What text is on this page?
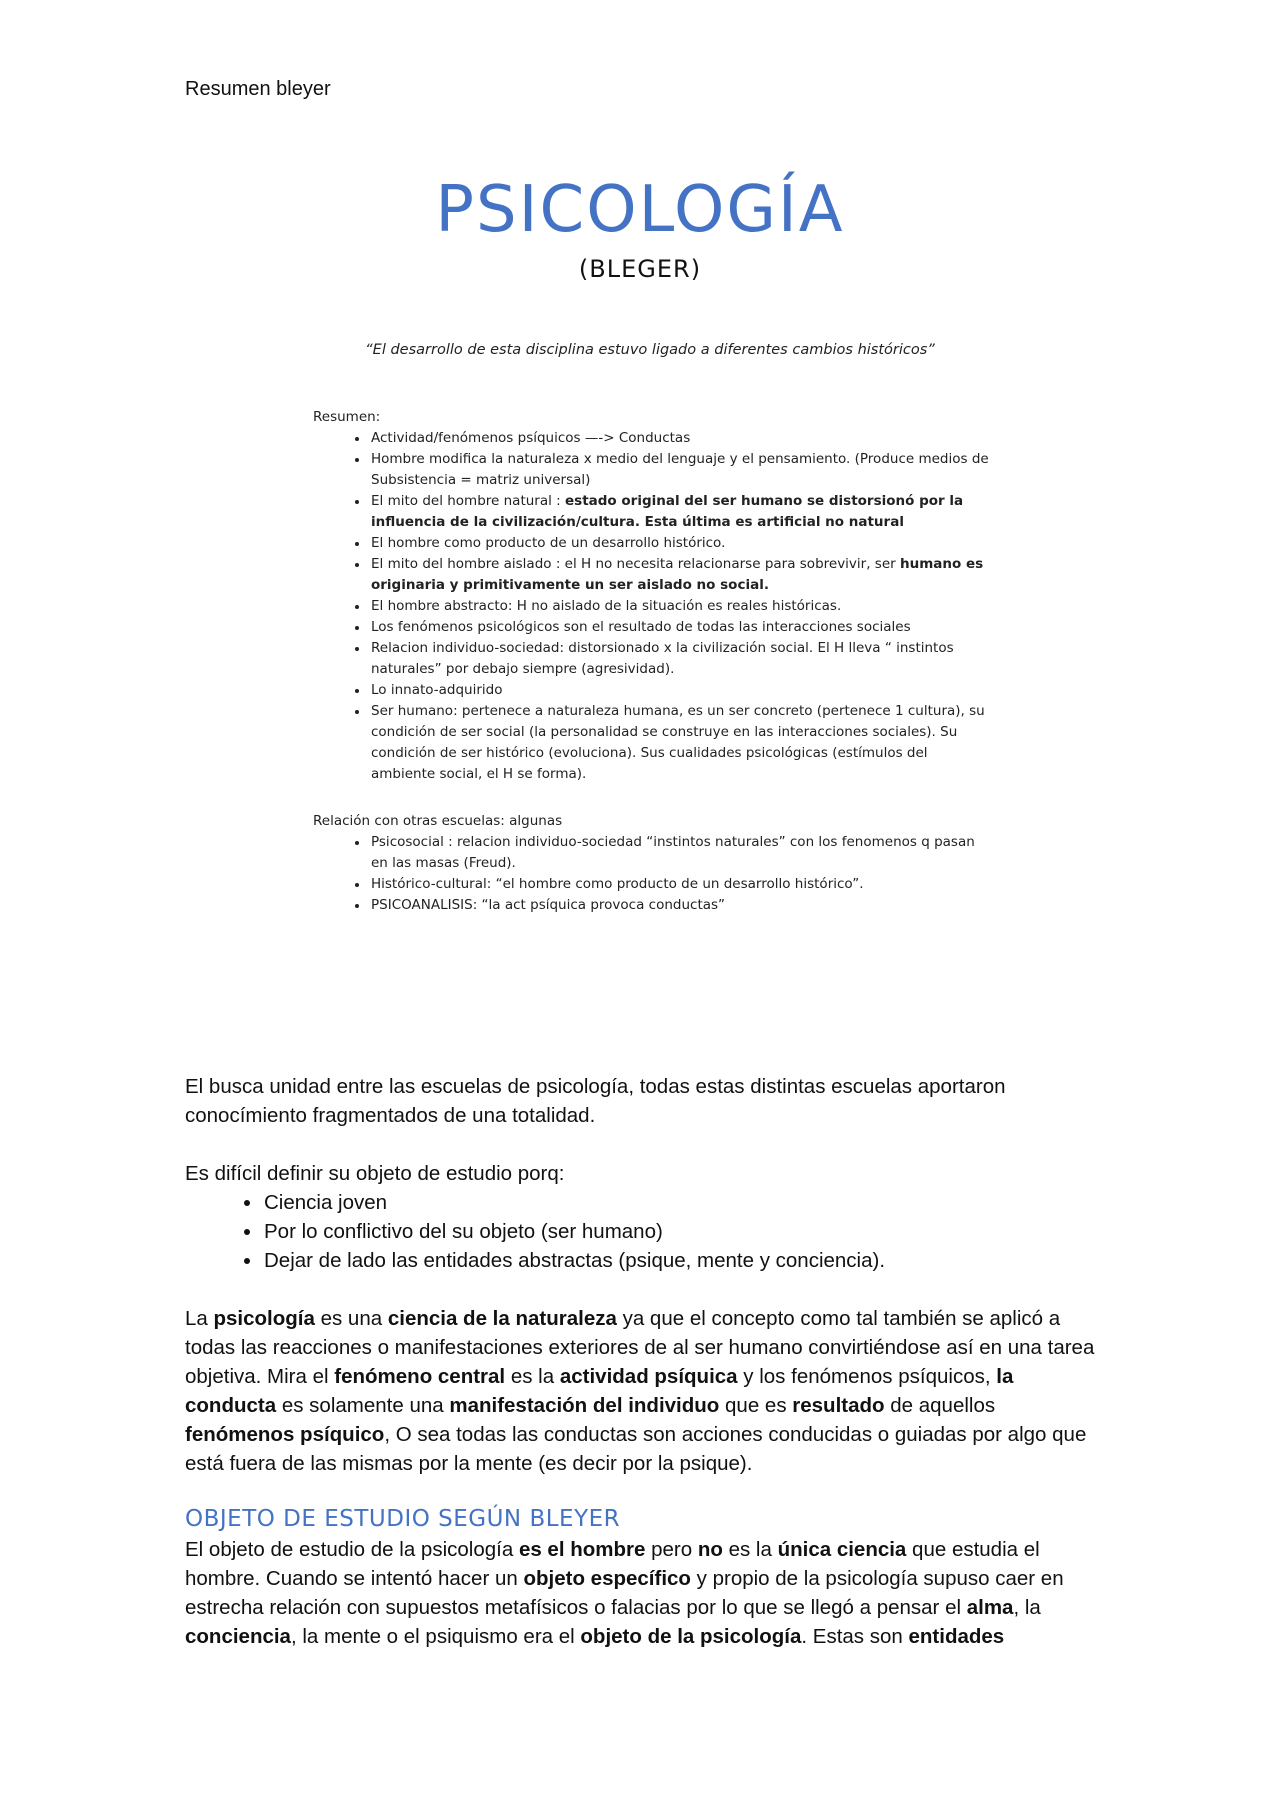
Resumen bleyer
PSICOLOGÍA
(BLEGER)
“El desarrollo de esta disciplina estuvo ligado a diferentes cambios históricos”

Resumen:

• Actividad/fenómenos psíquicos —-> Conductas
• Hombre modifica la naturaleza x medio del lenguaje y el pensamiento. (Produce medios de Subsistencia = matriz universal)
• El mito del hombre natural : estado original del ser humano se distorsionó por la influencia de la civilización/cultura. Esta última es artificial no natural
• El hombre como producto de un desarrollo histórico.
• El mito del hombre aislado : el H no necesita relacionarse para sobrevivir, ser humano es originaria y primitivamente un ser aislado no social.
• El hombre abstracto: H no aislado de la situación es reales históricas.
• Los fenómenos psicológicos son el resultado de todas las interacciones sociales
• Relacion individuo-sociedad: distorsionado x la civilización social. El H lleva “ instintos naturales” por debajo siempre (agresividad).
• Lo innato-adquirido
• Ser humano: pertenece a naturaleza humana, es un ser concreto (pertenece 1 cultura), su condición de ser social (la personalidad se construye en las interacciones sociales). Su condición de ser histórico (evoluciona). Sus cualidades psicológicas (estímulos del ambiente social, el H se forma).

Relación con otras escuelas: algunas

• Psicosocial : relacion individuo-sociedad “instintos naturales” con los fenomenos q pasan en las masas (Freud).
• Histórico-cultural: “el hombre como producto de un desarrollo histórico”.
• PSICOANALISIS: “la act psíquica provoca conductas”

El busca unidad entre las escuelas de psicología, todas estas distintas escuelas aportaron conocímiento fragmentados de una totalidad.

Es difícil definir su objeto de estudio porq:

• Ciencia joven
• Por lo conflictivo del su objeto (ser humano)
• Dejar de lado las entidades abstractas (psique, mente y conciencia).

La psicología es una ciencia de la naturaleza ya que el concepto como tal también se aplicó a todas las reacciones o manifestaciones exteriores de al ser humano convirtiéndose así en una tarea objetiva. Mira el fenómeno central es la actividad psíquica y los fenómenos psíquicos, la conducta es solamente una manifestación del individuo que es resultado de aquellos fenómenos psíquico, O sea todas las conductas son acciones conducidas o guiadas por algo que está fuera de las mismas por la mente (es decir por la psique).

OBJETO DE ESTUDIO SEGÚN BLEYER

El objeto de estudio de la psicología es el hombre pero no es la única ciencia que estudia el hombre. Cuando se intentó hacer un objeto específico y propio de la psicología supuso caer en estrecha relación con supuestos metafísicos o falacias por lo que se llegó a pensar el alma, la conciencia, la mente o el psiquismo era el objeto de la psicología. Estas son entidades
